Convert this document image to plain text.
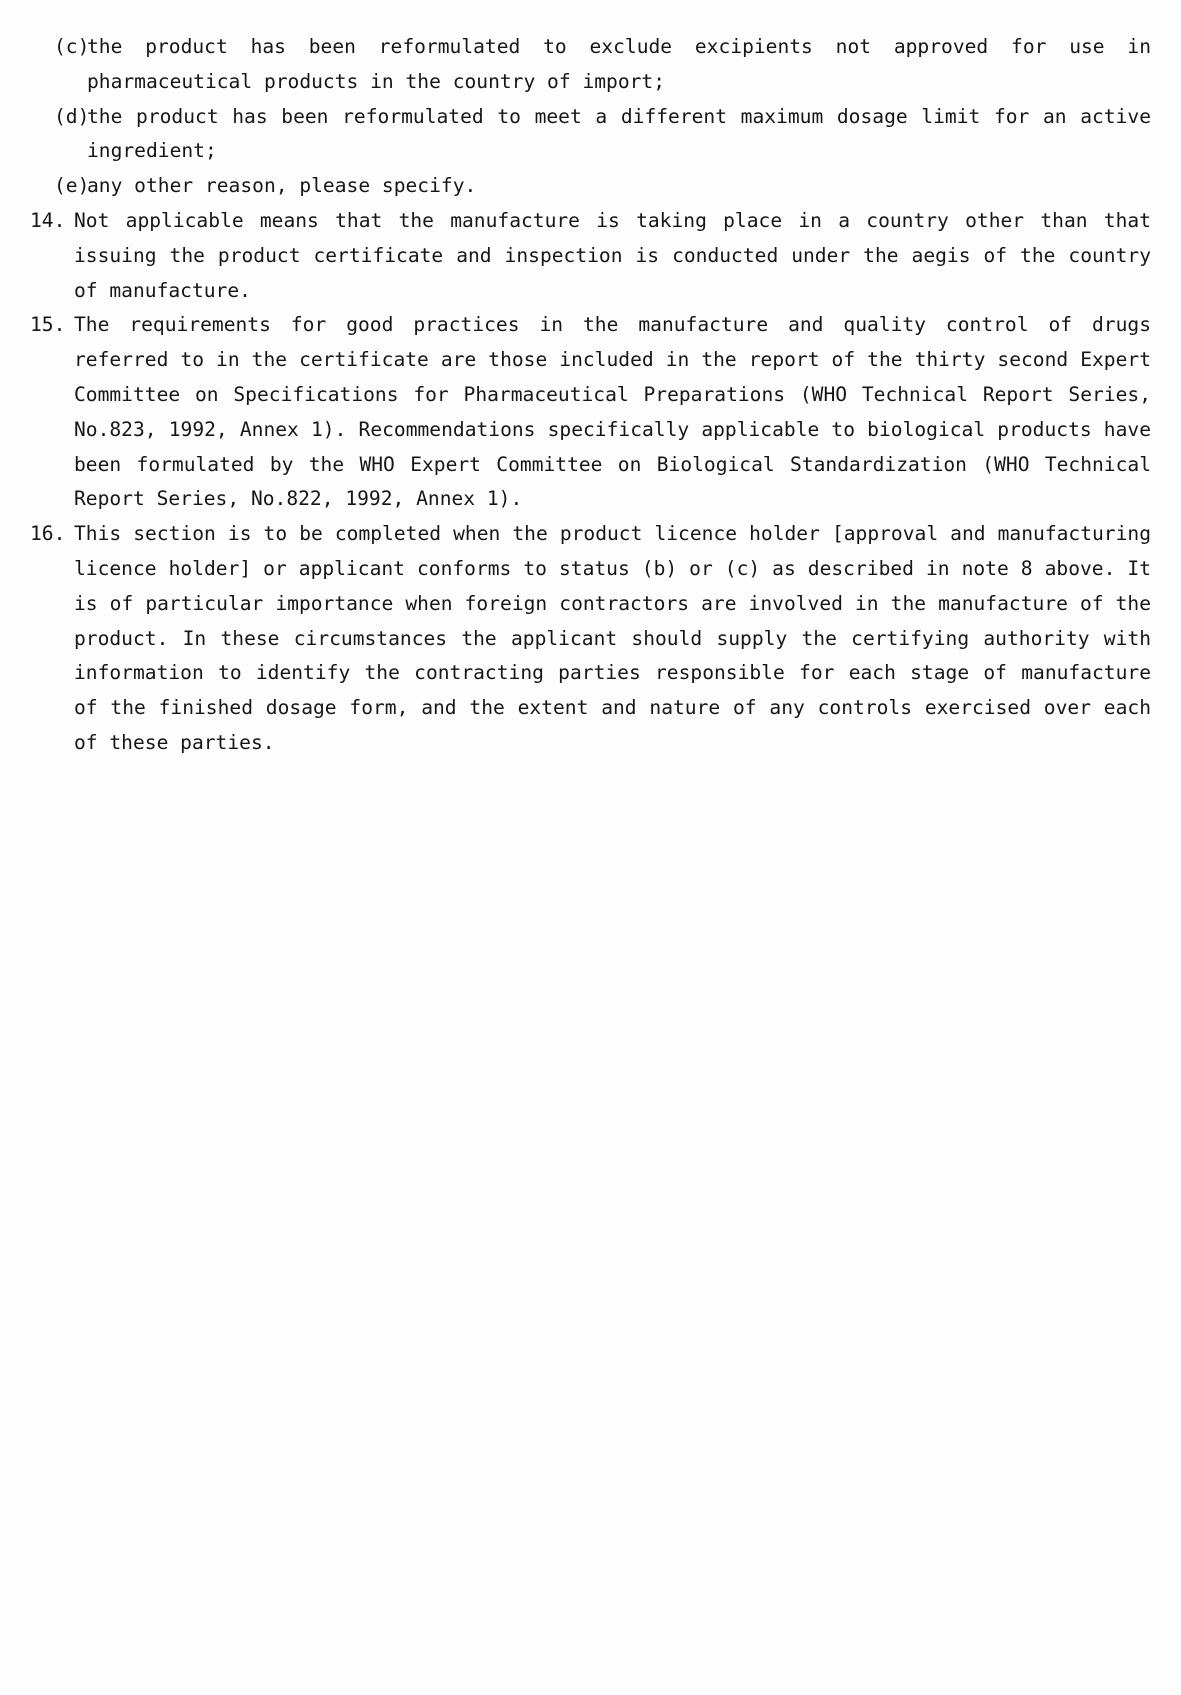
(c)
the product has been reformulated to exclude excipients not approved for use in pharmaceutical products in the country of import;
(d)
the product has been reformulated to meet a different maximum dosage limit for an active ingredient;
(e)
any other reason, please specify.
14. Not applicable means that the manufacture is taking place in a country other than that issuing the product certificate and inspection is conducted under the aegis of the country of manufacture.
15. The requirements for good practices in the manufacture and quality control of drugs referred to in the certificate are those included in the report of the thirty second Expert Committee on Specifications for Pharmaceutical Preparations (WHO Technical Report Series, No.823, 1992, Annex 1). Recommendations specifically applicable to biological products have been formulated by the WHO Expert Committee on Biological Standardization (WHO Technical Report Series, No.822, 1992, Annex 1).
16. This section is to be completed when the product licence holder [approval and manufacturing licence holder] or applicant conforms to status (b) or (c) as described in note 8 above. It is of particular importance when foreign contractors are involved in the manufacture of the product. In these circumstances the applicant should supply the certifying authority with information to identify the contracting parties responsible for each stage of manufacture of the finished dosage form, and the extent and nature of any controls exercised over each of these parties.
